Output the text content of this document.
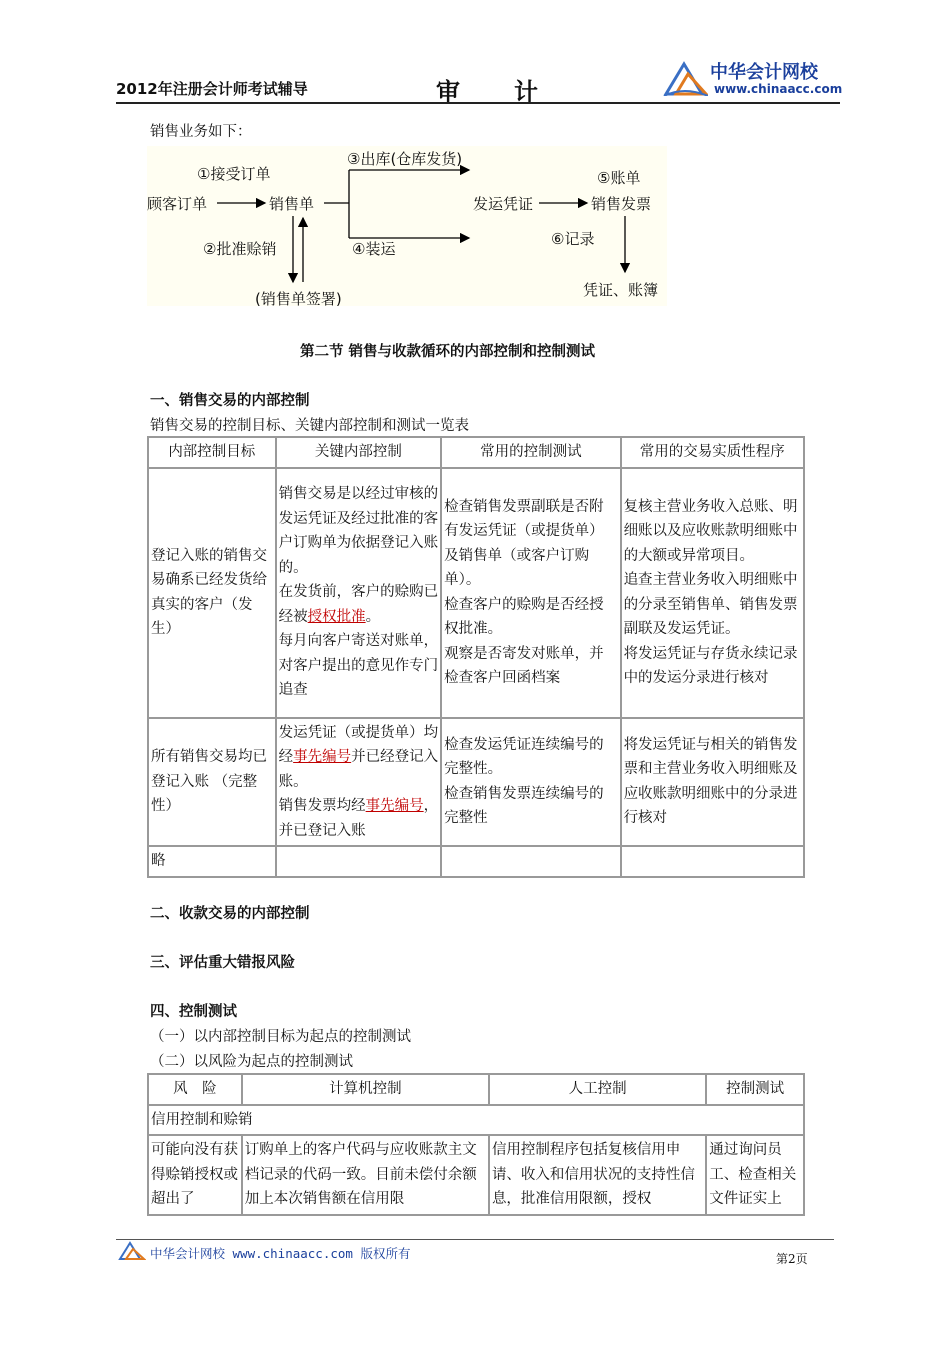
2012年注册会计师考试辅导	审计
中华会计网校
www.chinaacc.com
销售业务如下：
①接受订单
顾客订单	销售单
③出库(仓库发货)
④装运
②批准赊销
(销售单签署)
发运凭证	销售发票
⑤账单
⑥记录
凭证、账簿
第二节 销售与收款循环的内部控制和控制测试
一、销售交易的内部控制
销售交易的控制目标、关键内部控制和测试一览表
内部控制目标	关键内部控制	常用的控制测试	常用的交易实质性程序
登记入账的销售交易确系已经发货给真实的客户（发生）	销售交易是以经过审核的发运凭证及经过批准的客户订购单为依据登记入账的。
在发货前，客户的赊购已经被授权批准。
每月向客户寄送对账单，对客户提出的意见作专门追查	检查销售发票副联是否附有发运凭证（或提货单）及销售单（或客户订购单）。
检查客户的赊购是否经授权批准。
观察是否寄发对账单，并检查客户回函档案	复核主营业务收入总账、明细账以及应收账款明细账中的大额或异常项目。
追查主营业务收入明细账中的分录至销售单、销售发票副联及发运凭证。
将发运凭证与存货永续记录中的发运分录进行核对
所有销售交易均已登记入账 （完整性）	发运凭证（或提货单）均经事先编号并已经登记入账。
销售发票均经事先编号，并已登记入账	检查发运凭证连续编号的完整性。
检查销售发票连续编号的完整性	将发运凭证与相关的销售发票和主营业务收入明细账及应收账款明细账中的分录进行核对
略			
二、收款交易的内部控制
三、评估重大错报风险
四、控制测试
（一）以内部控制目标为起点的控制测试
（二）以风险为起点的控制测试
风　险	计算机控制	人工控制	控制测试
信用控制和赊销			
可能向没有获得赊销授权或超出了	订购单上的客户代码与应收账款主文档记录的代码一致。目前未偿付余额加上本次销售额在信用限	信用控制程序包括复核信用申请、收入和信用状况的支持性信息，批准信用限额，授权	通过询问员工、检查相关文件证实上
中华会计网校 www.chinaacc.com 版权所有	第2页
